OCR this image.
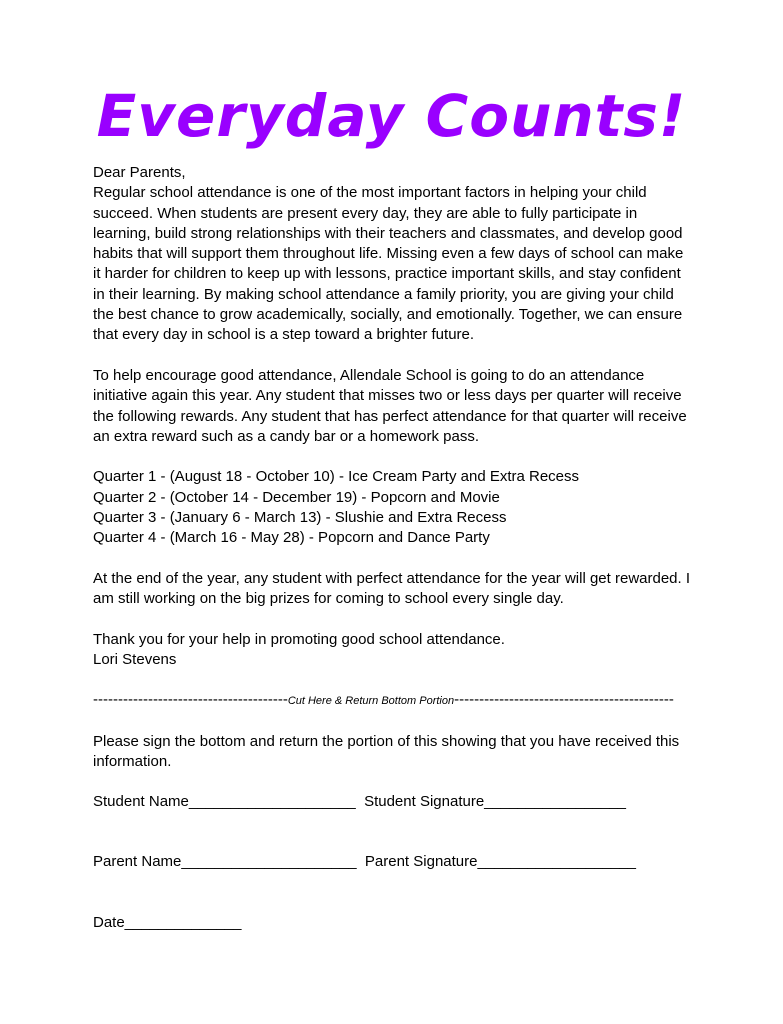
Everyday Counts!

Dear Parents,

Regular school attendance is one of the most important factors in helping your child succeed. When students are present every day, they are able to fully participate in learning, build strong relationships with their teachers and classmates, and develop good habits that will support them throughout life. Missing even a few days of school can make it harder for children to keep up with lessons, practice important skills, and stay confident in their learning. By making school attendance a family priority, you are giving your child the best chance to grow academically, socially, and emotionally. Together, we can ensure that every day in school is a step toward a brighter future.

To help encourage good attendance, Allendale School is going to do an attendance initiative again this year. Any student that misses two or less days per quarter will receive the following rewards. Any student that has perfect attendance for that quarter will receive an extra reward such as a candy bar or a homework pass.

Quarter 1 - (August 18 - October 10) - Ice Cream Party and Extra Recess

Quarter 2 - (October 14 - December 19) - Popcorn and Movie

Quarter 3 - (January 6 - March 13) - Slushie and Extra Recess

Quarter 4 - (March 16 - May 28) - Popcorn and Dance Party

At the end of the year, any student with perfect attendance for the year will get rewarded. I am still working on the big prizes for coming to school every single day.

Thank you for your help in promoting good school attendance.

Lori Stevens

---------------------------------------Cut Here & Return Bottom Portion--------------------------------------------
Please sign the bottom and return the portion of this showing that you have received this information.
Student Name____________________ Student Signature_________________
Parent Name_____________________ Parent Signature___________________
Date______________
